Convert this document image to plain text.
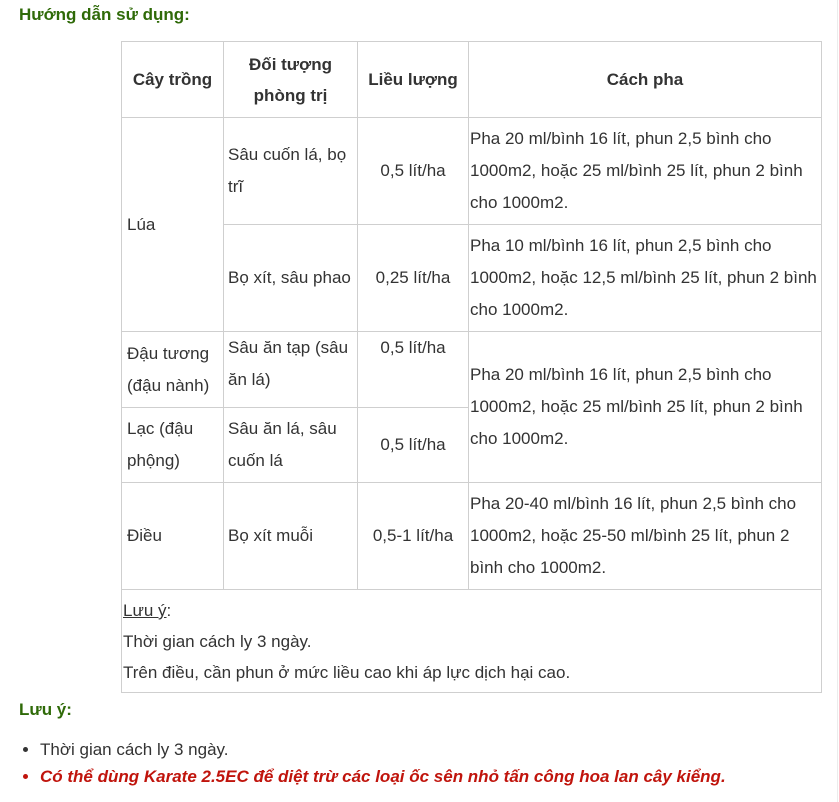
Hướng dẫn sử dụng:
Cây trồng	Đối tượng phòng trị	Liều lượng	Cách pha
Lúa	Sâu cuốn lá, bọ trĩ	0,5 lít/ha	Pha 20 ml/bình 16 lít, phun 2,5 bình cho 1000m2, hoặc 25 ml/bình 25 lít, phun 2 bình cho 1000m2.
	Bọ xít, sâu phao	0,25 lít/ha	Pha 10 ml/bình 16 lít, phun 2,5 bình cho 1000m2, hoặc 12,5 ml/bình 25 lít, phun 2 bình cho 1000m2.
Đậu tương (đậu nành)	Sâu ăn tạp (sâu ăn lá)	0,5 lít/ha	Pha 20 ml/bình 16 lít, phun 2,5 bình cho 1000m2, hoặc 25 ml/bình 25 lít, phun 2 bình cho 1000m2.
Lạc (đậu phộng)	Sâu ăn lá, sâu cuốn lá	0,5 lít/ha	
Điều	Bọ xít muỗi	0,5-1 lít/ha	Pha 20-40 ml/bình 16 lít, phun 2,5 bình cho 1000m2, hoặc 25-50 ml/bình 25 lít, phun 2 bình cho 1000m2.

Lưu ý:
Thời gian cách ly 3 ngày.
Trên điều, cần phun ở mức liều cao khi áp lực dịch hại cao.			
Lưu ý:
• Thời gian cách ly 3 ngày.
• Có thể dùng Karate 2.5EC để diệt trừ các loại ốc sên nhỏ tấn công hoa lan cây kiểng.
